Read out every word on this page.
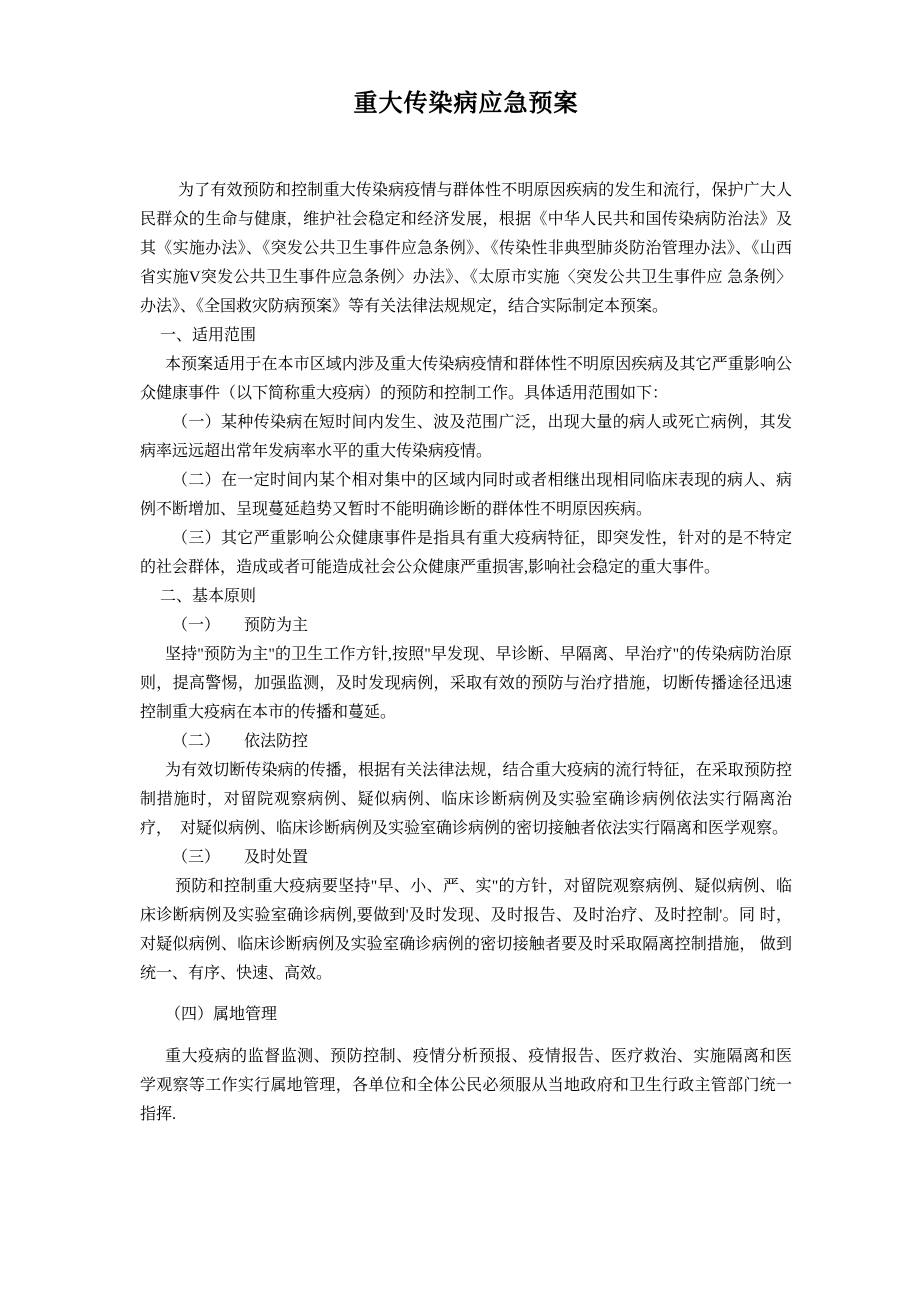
重大传染病应急预案

为了有效预防和控制重大传染病疫情与群体性不明原因疾病的发生和流行，保护广大人民群众的生命与健康，维护社会稳定和经济发展，根据《中华人民共和国传染病防治法》及其《实施办法》、《突发公共卫生事件应急条例》、《传染性非典型肺炎防治管理办法》、《山西省实施V突发公共卫生事件应急条例〉办法》、《太原市实施〈突发公共卫生事件应 急条例〉办法》、《全国救灾防病预案》等有关法律法规规定，结合实际制定本预案。

一、适用范围

本预案适用于在本市区域内涉及重大传染病疫情和群体性不明原因疾病及其它严重影响公众健康事件（以下简称重大疫病）的预防和控制工作。具体适用范围如下：

（一）某种传染病在短时间内发生、波及范围广泛，出现大量的病人或死亡病例，其发 病率远远超出常年发病率水平的重大传染病疫情。

（二）在一定时间内某个相对集中的区域内同时或者相继出现相同临床表现的病人、病例不断增加、呈现蔓延趋势又暂时不能明确诊断的群体性不明原因疾病。

（三）其它严重影响公众健康事件是指具有重大疫病特征，即突发性，针对的是不特定 的社会群体，造成或者可能造成社会公众健康严重损害,影响社会稳定的重大事件。

二、基本原则

（一）　　预防为主

坚持"预防为主"的卫生工作方针,按照"早发现、早诊断、早隔离、早治疗"的传染病防治原则，提高警惕，加强监测，及时发现病例，采取有效的预防与治疗措施，切断传播途径迅速控制重大疫病在本市的传播和蔓延。

（二）　　依法防控

为有效切断传染病的传播，根据有关法律法规，结合重大疫病的流行特征，在采取预防控 制措施时，对留院观察病例、疑似病例、临床诊断病例及实验室确诊病例依法实行隔离治疗，  对疑似病例、临床诊断病例及实验室确诊病例的密切接触者依法实行隔离和医学观察。

（三）　　及时处置

预防和控制重大疫病要坚持"早、小、严、实"的方针，对留院观察病例、疑似病例、临床诊断病例及实验室确诊病例,要做到'及时发现、及时报告、及时治疗、及时控制'。同 时，对疑似病例、临床诊断病例及实验室确诊病例的密切接触者要及时采取隔离控制措施， 做到统一、有序、快速、高效。

（四）属地管理

重大疫病的监督监测、预防控制、疫情分析预报、疫情报告、医疗救治、实施隔离和医 学观察等工作实行属地管理，各单位和全体公民必须服从当地政府和卫生行政主管部门统一 指挥.
